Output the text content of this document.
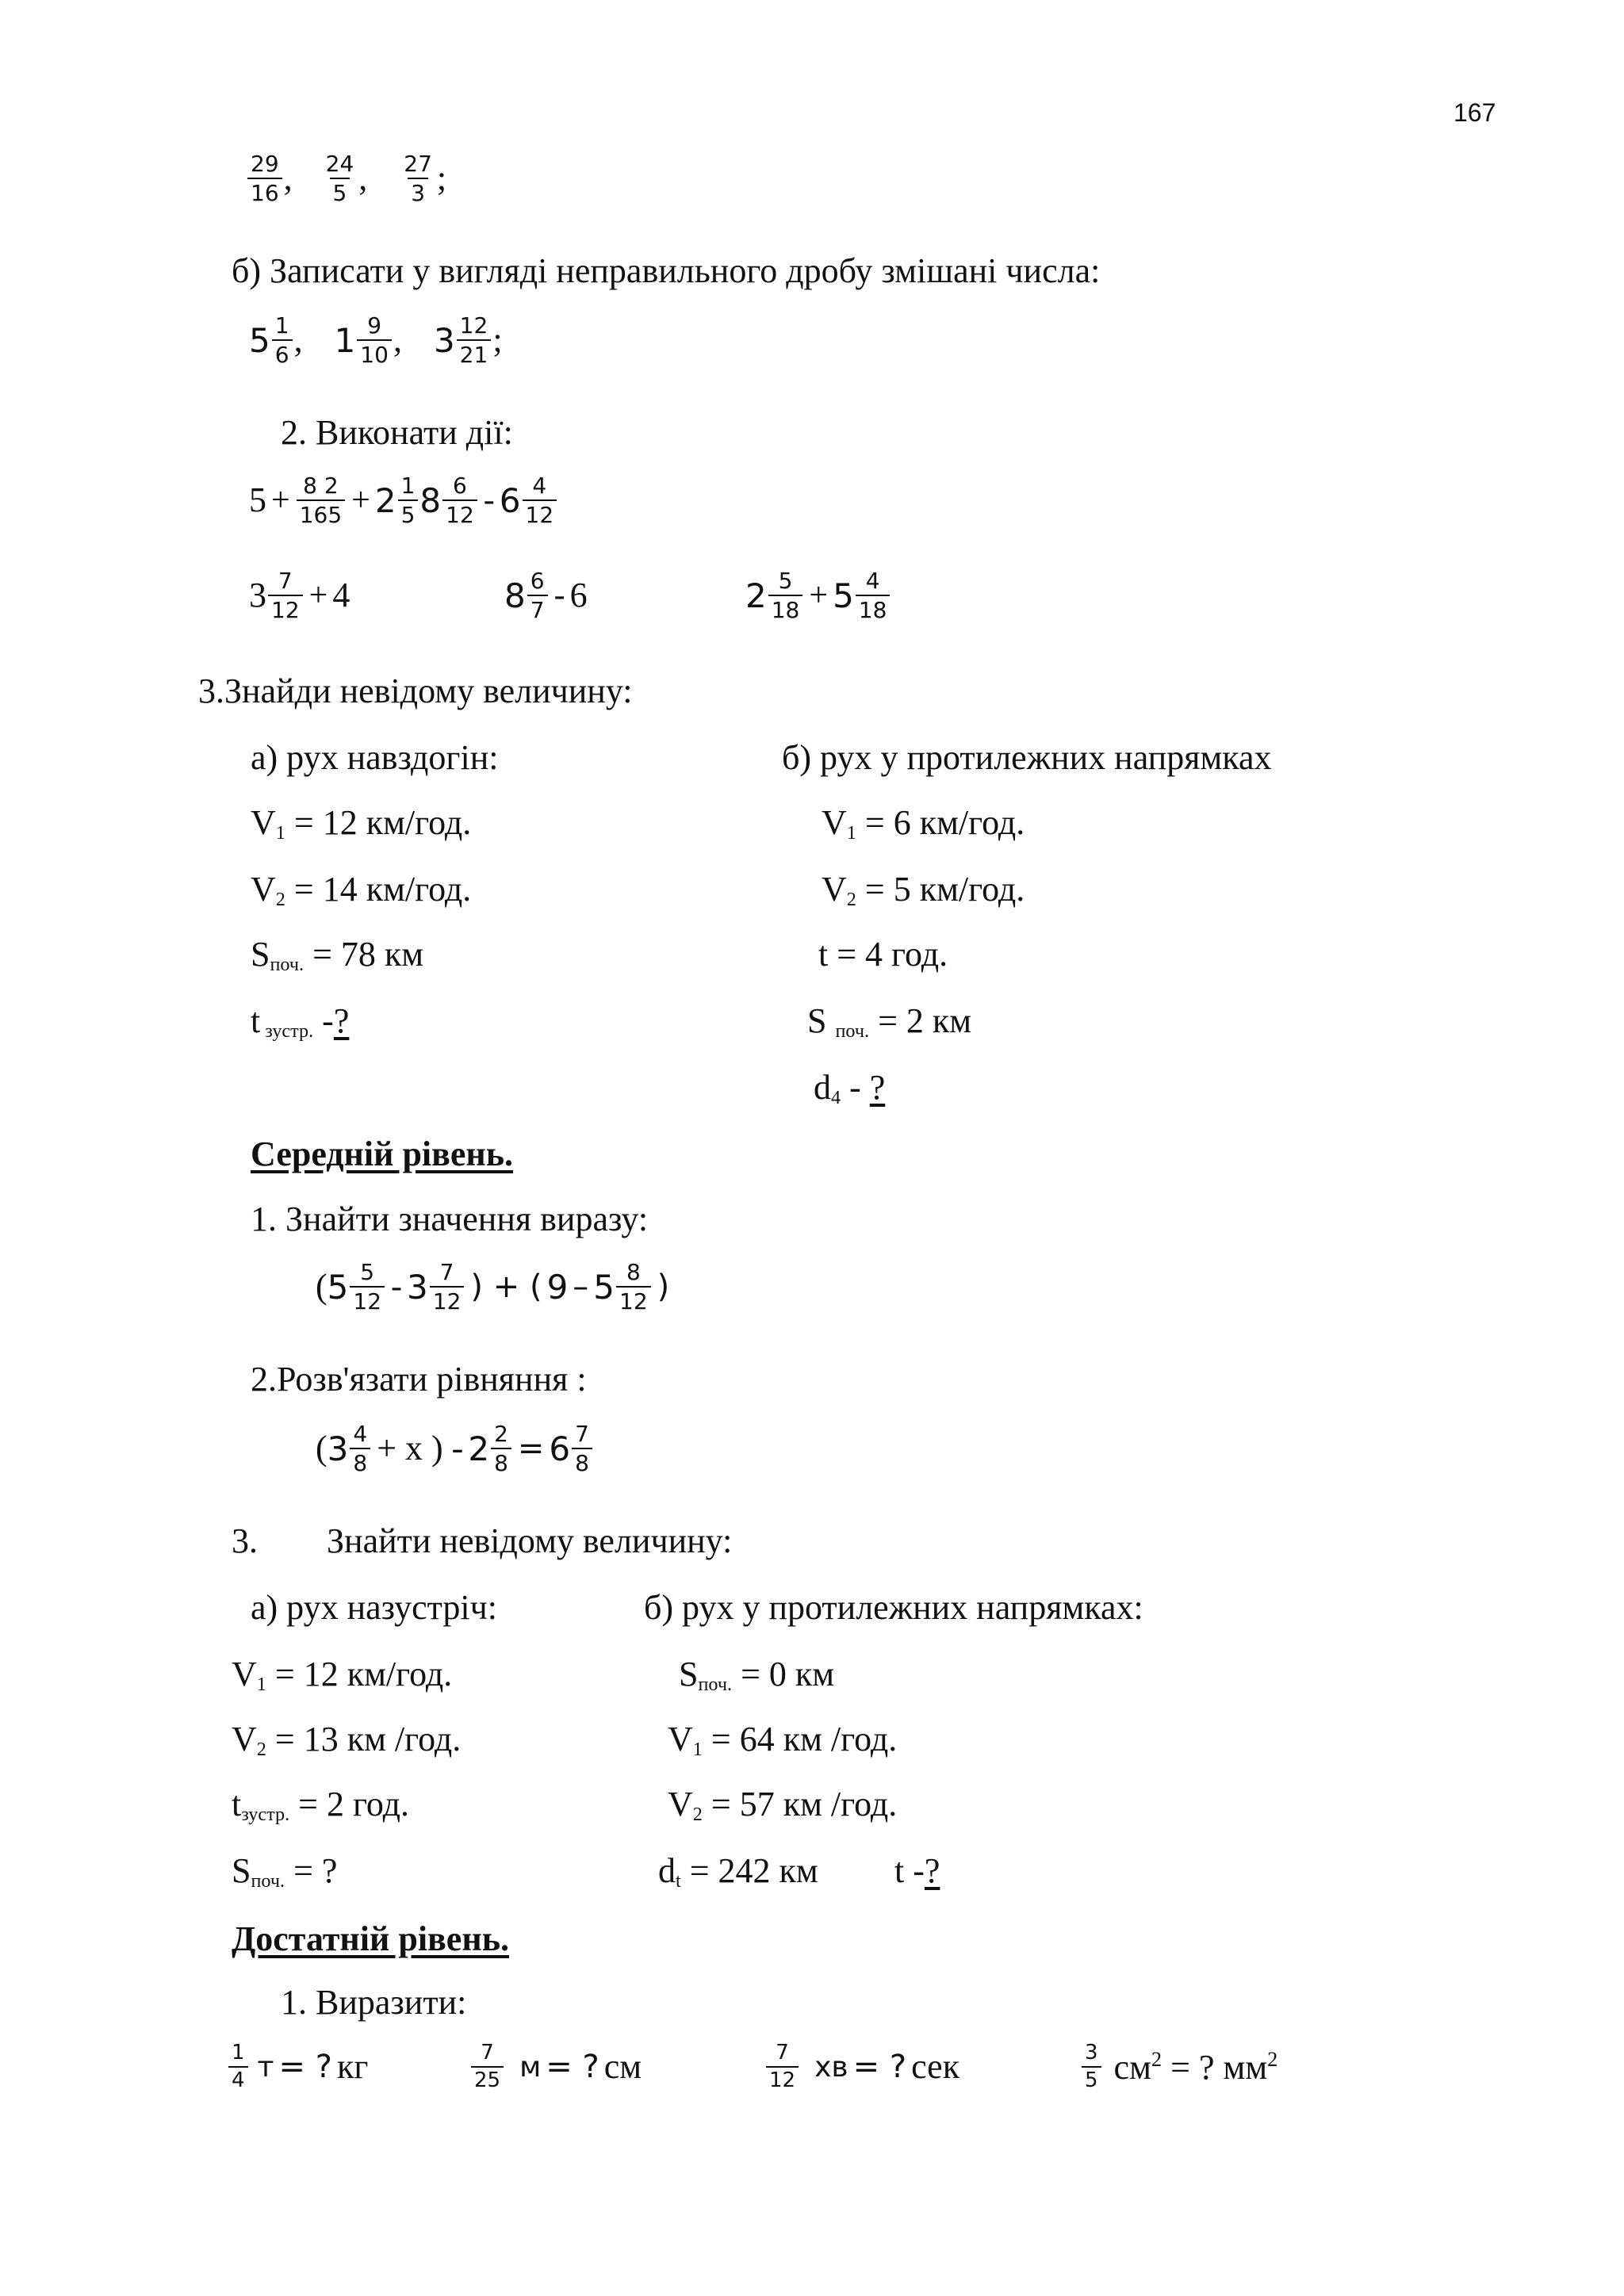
167
$\frac{29}{16}$ , $\frac{24}{5}$ , $\frac{27}{3}$ ;
б) Записати у вигляді неправильного дробу змішані числа:
$5 \frac{1}{6}$ , $1 \frac{9}{10}$ , $3 \frac{12}{21}$ ;
2. Виконати дії:
$5 + \frac{8 2}{165} + 2 \frac{1}{5} 8 \frac{6}{12} - 6 \frac{4}{12}$
$3 \frac{7}{12} + 4$	$8 \frac{6}{7} - 6$	$2 \frac{5}{18} + 5 \frac{4}{18}$
3.Знайди невідому величину:
а) рух навздогін:
$V_1 = 12$ км/год.
$V_2 = 14$ км/год.
$S_{поч.} = 78$ км
t $_{зустр.}$ -?
б) рух у протилежних напрямках
$V_1 = 6$ км/год.
$V_2 = 5$ км/год.
t = 4 год.
S $_{поч.}$ = 2 км
$d_4$ - ?
Середній рівень.
1. Знайти значення виразу:
( $5 \frac{5}{12} - 3 \frac{7}{12}$ ) + ( $9 - 5 \frac{8}{12}$ )
2.Розв'язати рівняння :
( $3 \frac{4}{8} + х$ ) - $2 \frac{2}{8} = 6 \frac{7}{8}$
3. Знайти невідому величину:
а) рух назустріч:
$V_1 = 12$ км/год.
$V_2 = 13$ км /год.
$t_{зустр.} = 2$ год.
$S_{поч.}$ = ?
б) рух у протилежних напрямках:
$S_{поч.} = 0$ км
$V_1 = 64$ км /год.
$V_2 = 57$ км /год.
$d_t = 242$ км t -?
Достатній рівень.
1. Виразити:
$\frac{1}{4}$ т = ? кг	$\frac{7}{25}$ м = ? см	$\frac{7}{12}$ хв = ? сек	$\frac{3}{5} см^2$ = ? $мм^2$
